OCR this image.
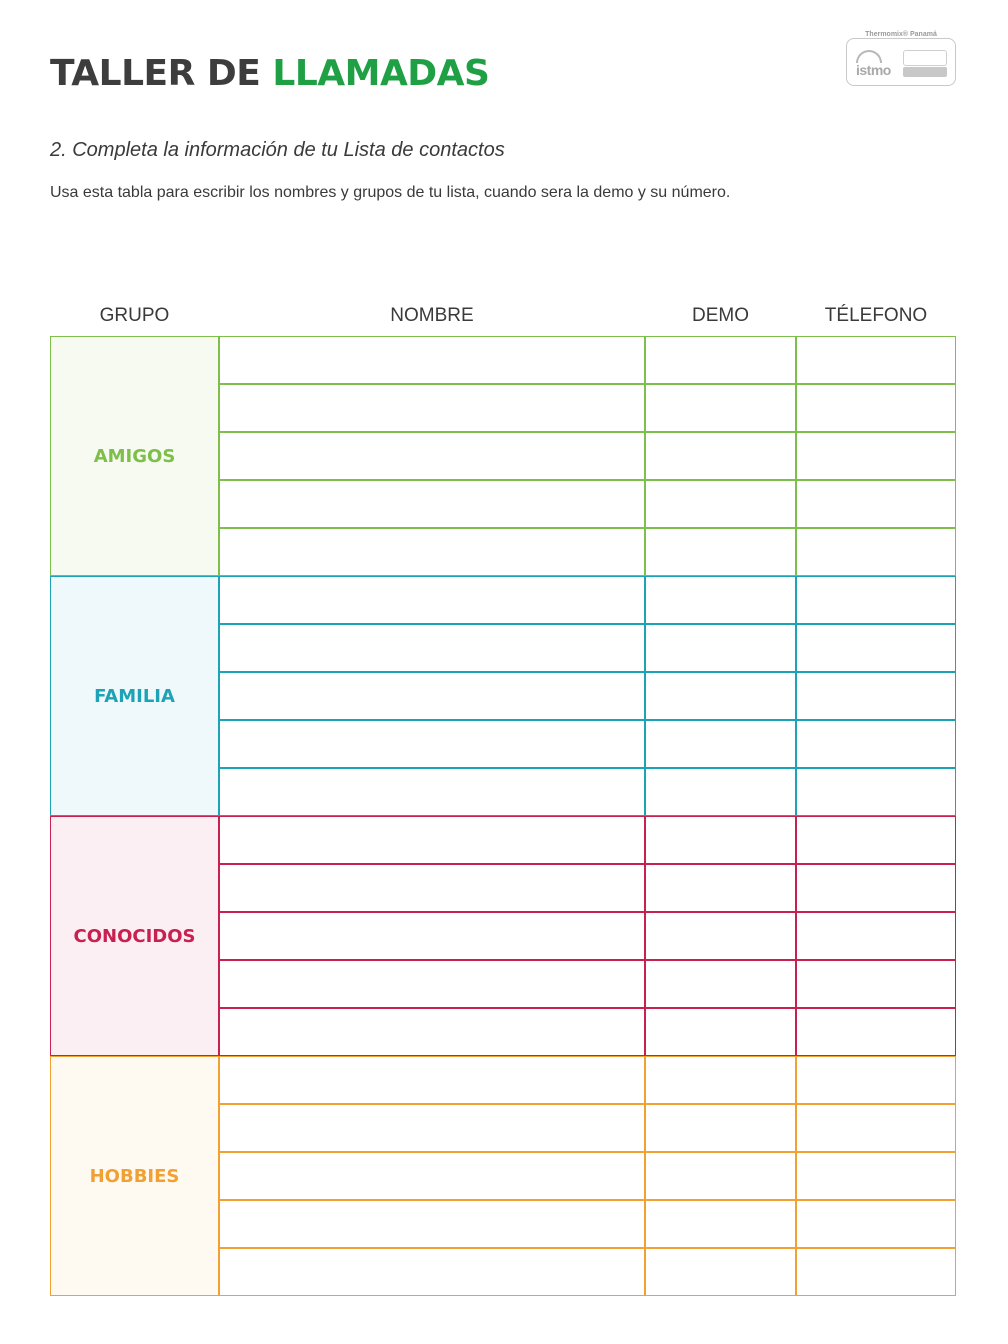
TALLER DE LLAMADAS
Thermomix® Panamá
istmo

2. Completa la información de tu Lista de contactos

Usa esta tabla para escribir los nombres y grupos de tu lista, cuando sera la demo y su número.

GRUPO	NOMBRE	DEMO	TÉLEFONO
AMIGOS
FAMILIA
CONOCIDOS
HOBBIES
